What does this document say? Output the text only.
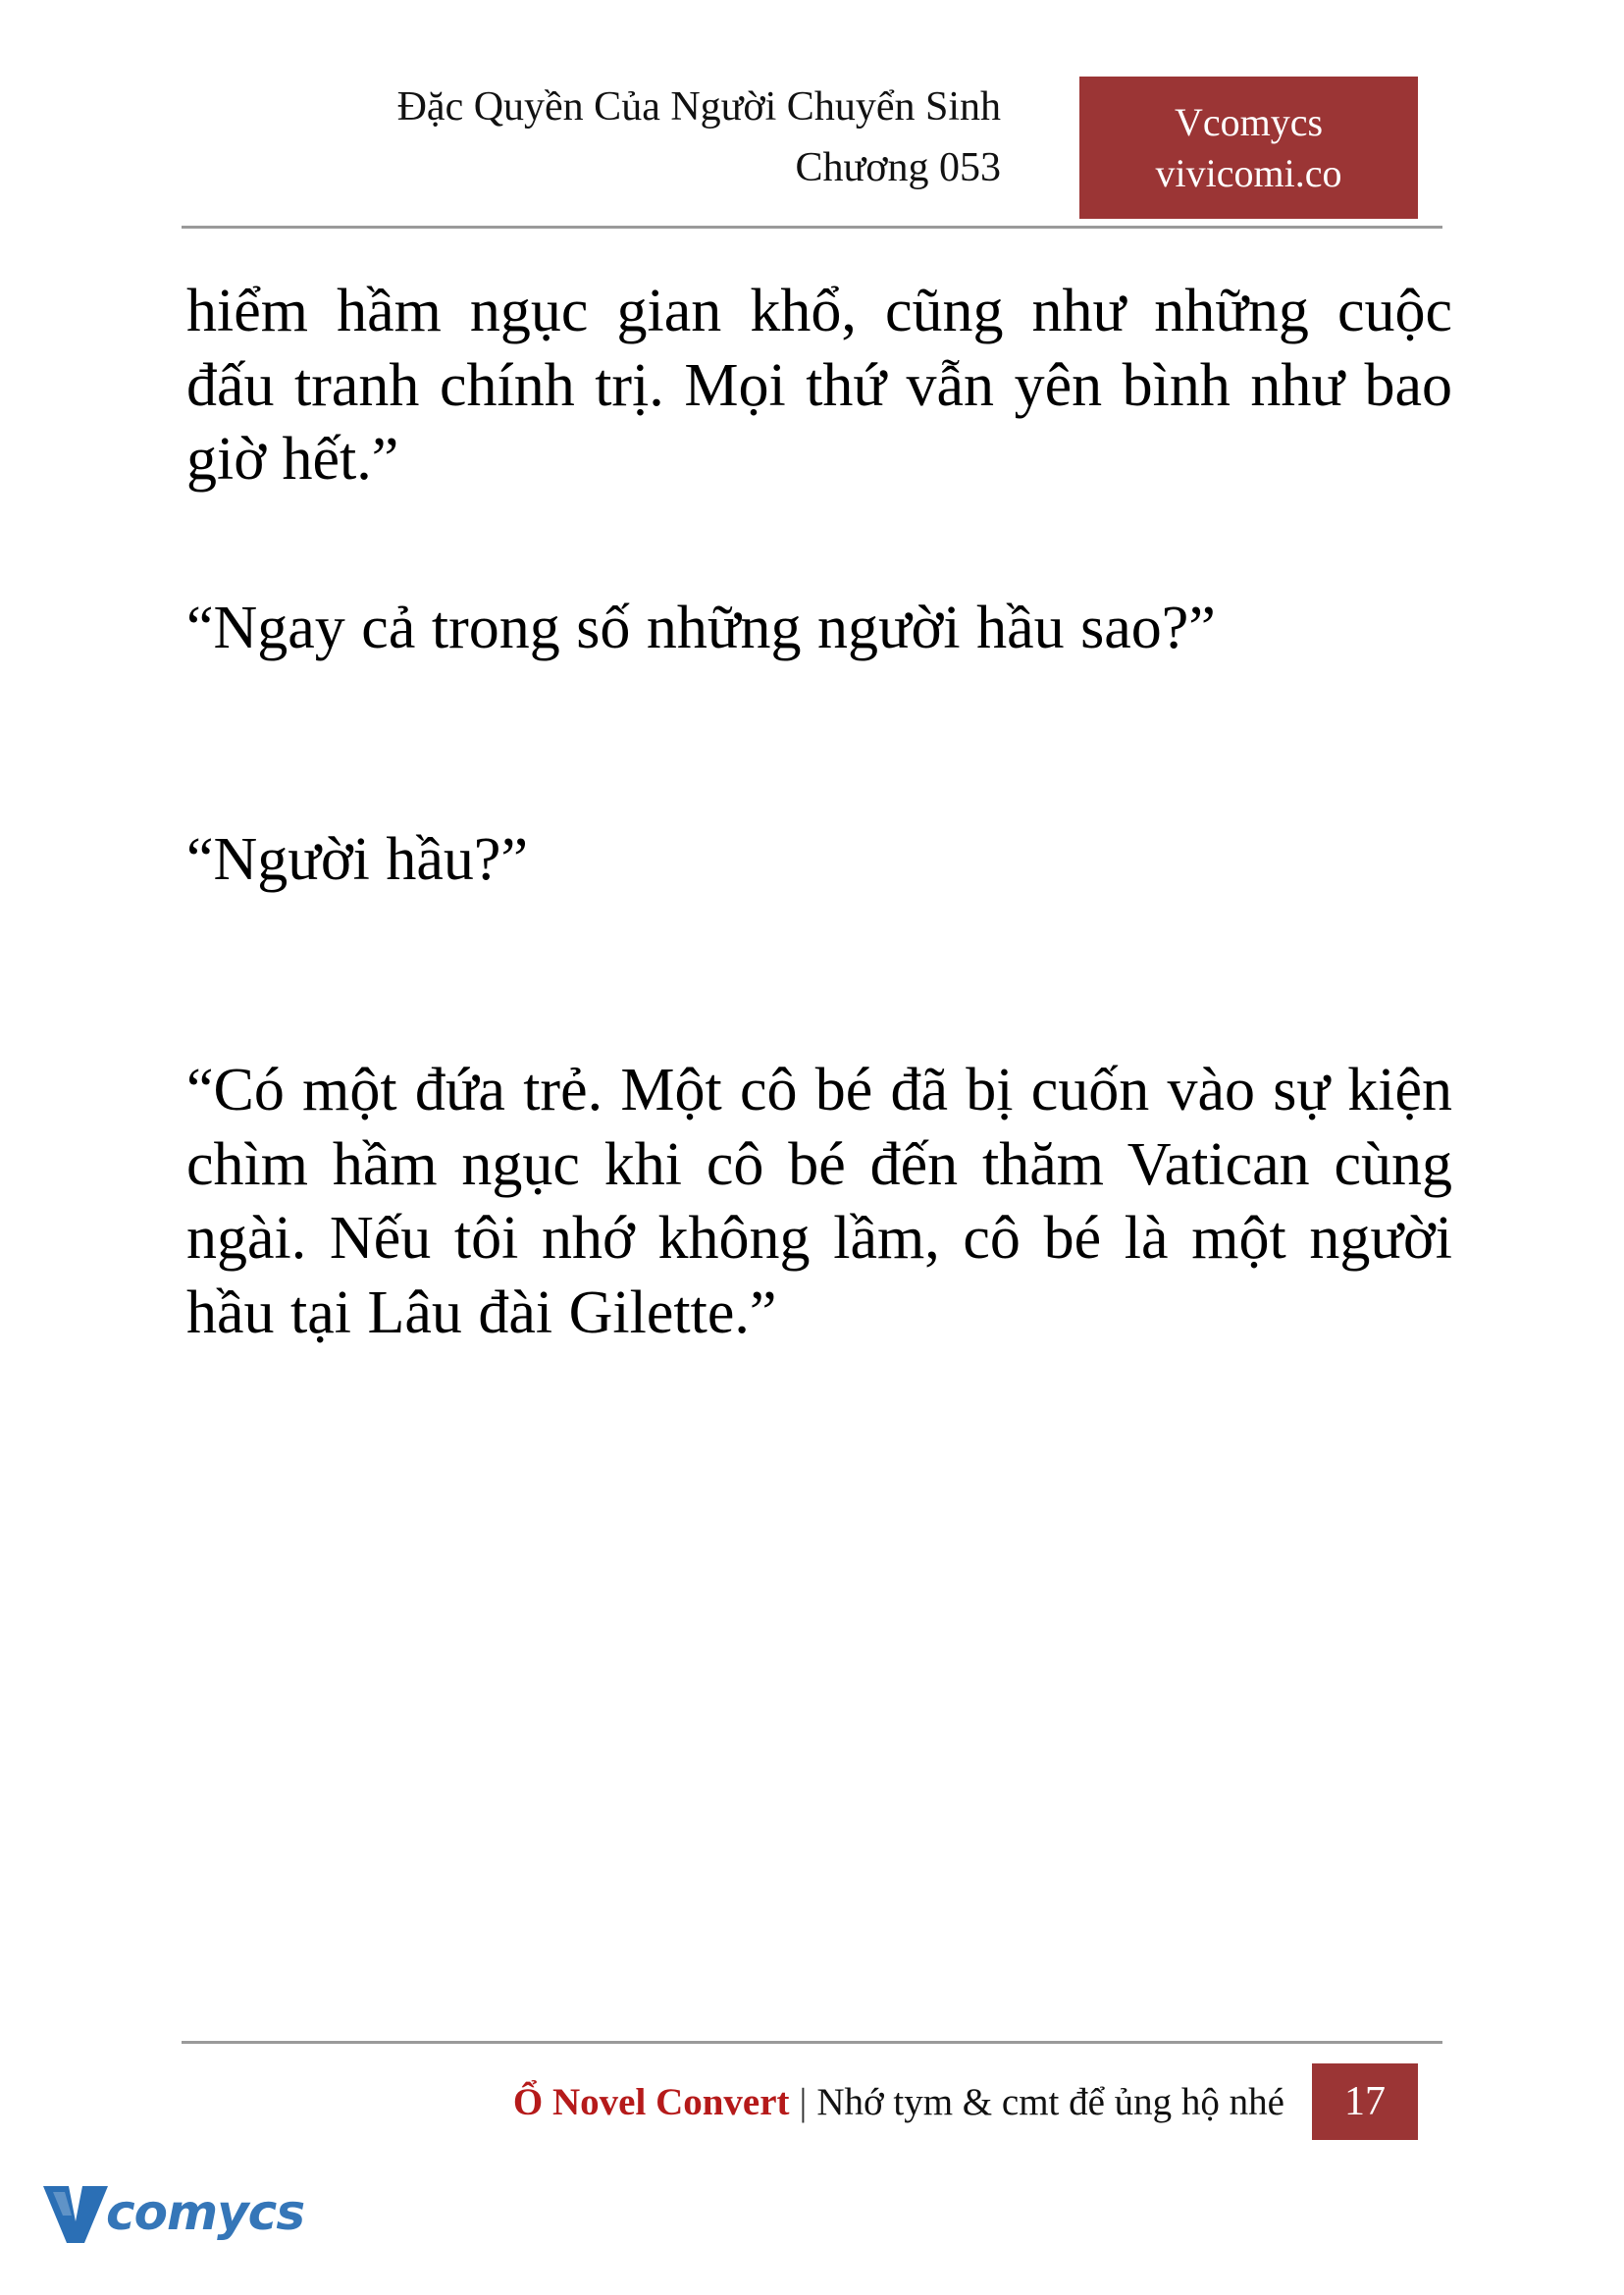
Đặc Quyền Của Người Chuyển Sinh
Chương 053
Vcomycs
vivicomi.co

hiểm hầm ngục gian khổ, cũng như những cuộc đấu tranh chính trị. Mọi thứ vẫn yên bình như bao giờ hết.”

“Ngay cả trong số những người hầu sao?”

“Người hầu?”

“Có một đứa trẻ. Một cô bé đã bị cuốn vào sự kiện chìm hầm ngục khi cô bé đến thăm Vatican cùng ngài. Nếu tôi nhớ không lầm, cô bé là một người hầu tại Lâu đài Gilette.”

Ổ Novel Convert | Nhớ tym & cmt để ủng hộ nhé	17
comycs
